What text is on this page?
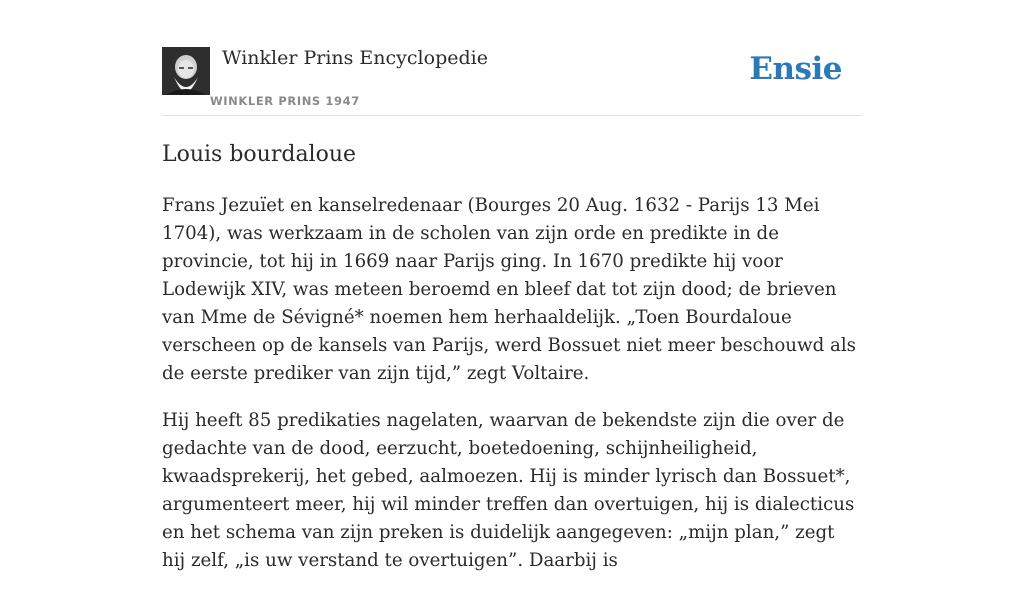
Winkler Prins Encyclopedie
WINKLER PRINS 1947
Ensie
Louis bourdaloue

Frans Jezuïet en kanselredenaar (Bourges 20 Aug. 1632 - Parijs 13 Mei 1704), was werkzaam in de scholen van zijn orde en predikte in de provincie, tot hij in 1669 naar Parijs ging. In 1670 predikte hij voor Lodewijk XIV, was meteen beroemd en bleef dat tot zijn dood; de brieven van Mme de Sévigné* noemen hem herhaaldelijk. „Toen Bourdaloue verscheen op de kansels van Parijs, werd Bossuet niet meer beschouwd als de eerste prediker van zijn tijd,” zegt Voltaire.

Hij heeft 85 predikaties nagelaten, waarvan de bekendste zijn die over de gedachte van de dood, eerzucht, boetedoening, schijnheiligheid, kwaadsprekerij, het gebed, aalmoezen. Hij is minder lyrisch dan Bossuet*, argumenteert meer, hij wil minder treffen dan overtuigen, hij is dialecticus en het schema van zijn preken is duidelijk aangegeven: „mijn plan,” zegt hij zelf, „is uw verstand te overtuigen”. Daarbij is
